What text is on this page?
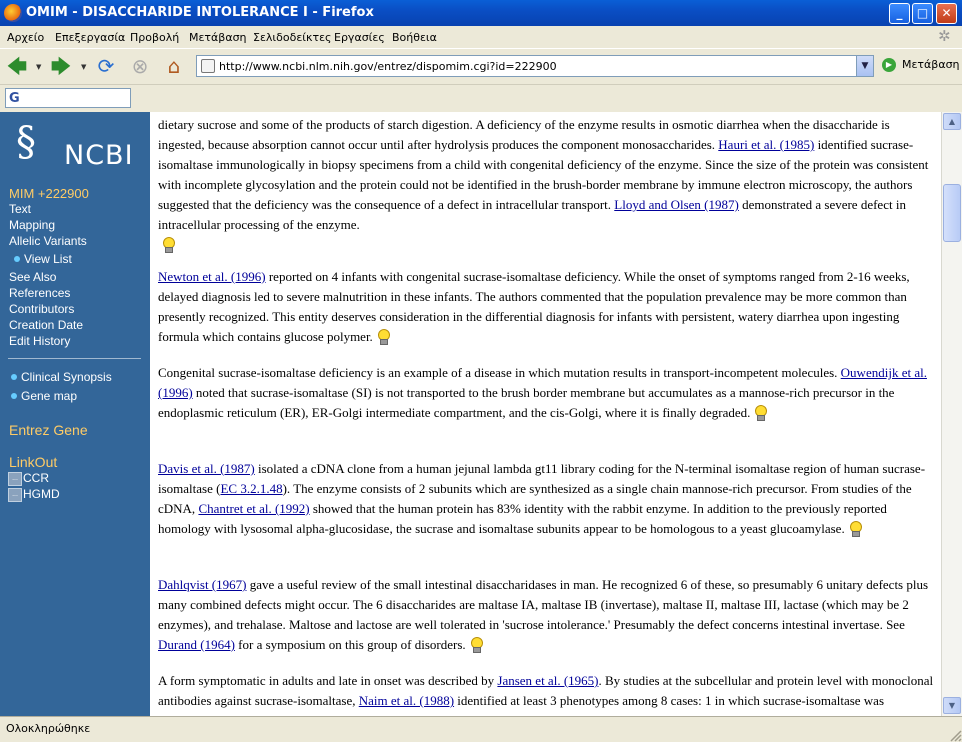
OMIM - DISACCHARIDE INTOLERANCE I - Firefox	_	□	✕
Αρχείο Επεξεργασία Προβολή Μετάβαση Σελιδοδείκτες Εργασίες Βοήθεια	✲
🡄	▼ 🡆	▼ ⟳ ⊗ ⌂	http://www.ncbi.nlm.nih.gov/entrez/dispomim.cgi?id=222900	▼	▶ Μετάβαση
G
§ NCBI
MIM +222900
Text
Mapping
Allelic Variants
View List
See Also
References
Contributors
Creation Date
Edit History
Clinical Synopsis
Gene map
Entrez Gene
LinkOut
... CCR
... HGMD
dietary sucrose and some of the products of starch digestion. A deficiency of the enzyme results in osmotic diarrhea when the disaccharide is ingested, because absorption cannot occur until after hydrolysis produces the component monosaccharides. Hauri et al. (1985) identified sucrase-isomaltase immunologically in biopsy specimens from a child with congenital deficiency of the enzyme. Since the size of the protein was consistent with incomplete glycosylation and the protein could not be identified in the brush-border membrane by immune electron microscopy, the authors suggested that the deficiency was the consequence of a defect in intracellular transport. Lloyd and Olsen (1987) demonstrated a severe defect in intracellular processing of the enzyme.

Newton et al. (1996) reported on 4 infants with congenital sucrase-isomaltase deficiency. While the onset of symptoms ranged from 2-16 weeks, delayed diagnosis led to severe malnutrition in these infants. The authors commented that the population prevalence may be more common than presently recognized. This entity deserves consideration in the differential diagnosis for infants with persistent, watery diarrhea upon ingesting formula which contains glucose polymer.
Congenital sucrase-isomaltase deficiency is an example of a disease in which mutation results in transport-incompetent molecules. Ouwendijk et al. (1996) noted that sucrase-isomaltase (SI) is not transported to the brush border membrane but accumulates as a mannose-rich precursor in the endoplasmic reticulum (ER), ER-Golgi intermediate compartment, and the cis-Golgi, where it is finally degraded.
Davis et al. (1987) isolated a cDNA clone from a human jejunal lambda gt11 library coding for the N-terminal isomaltase region of human sucrase-isomaltase (EC 3.2.1.48). The enzyme consists of 2 subunits which are synthesized as a single chain mannose-rich precursor. From studies of the cDNA, Chantret et al. (1992) showed that the human protein has 83% identity with the rabbit enzyme. In addition to the previously reported homology with lysosomal alpha-glucosidase, the sucrase and isomaltase subunits appear to be homologous to a yeast glucoamylase.
Dahlqvist (1967) gave a useful review of the small intestinal disaccharidases in man. He recognized 6 of these, so presumably 6 unitary defects plus many combined defects might occur. The 6 disaccharides are maltase IA, maltase IB (invertase), maltase II, maltase III, lactase (which may be 2 enzymes), and trehalase. Maltose and lactose are well tolerated in 'sucrose intolerance.' Presumably the defect concerns intestinal invertase. See Durand (1964) for a symposium on this group of disorders.
A form symptomatic in adults and late in onset was described by Jansen et al. (1965). By studies at the subcellular and protein level with monoclonal antibodies against sucrase-isomaltase, Naim et al. (1988) identified at least 3 phenotypes among 8 cases: 1 in which sucrase-isomaltase was
▲
▼
Ολοκληρώθηκε
